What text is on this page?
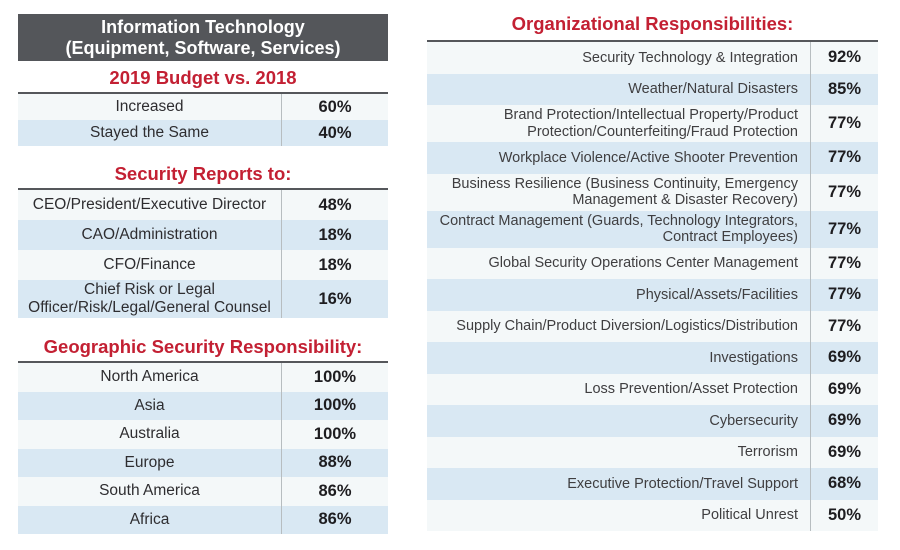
Information Technology
(Equipment, Software, Services)
2019 Budget vs. 2018
Increased	60%
Stayed the Same	40%
Security Reports to:
CEO/President/Executive Director	48%
CAO/Administration	18%
CFO/Finance	18%
Chief Risk or Legal Officer/Risk/Legal/General Counsel	16%
Geographic Security Responsibility:
North America	100%
Asia	100%
Australia	100%
Europe	88%
South America	86%
Africa	86%
Organizational Responsibilities:
Security Technology & Integration	92%
Weather/Natural Disasters	85%
Brand Protection/Intellectual Property/Product Protection/Counterfeiting/Fraud Protection	77%
Workplace Violence/Active Shooter Prevention	77%
Business Resilience (Business Continuity, Emergency Management & Disaster Recovery)	77%
Contract Management (Guards, Technology Integrators, Contract Employees)	77%
Global Security Operations Center Management	77%
Physical/Assets/Facilities	77%
Supply Chain/Product Diversion/Logistics/Distribution	77%
Investigations	69%
Loss Prevention/Asset Protection	69%
Cybersecurity	69%
Terrorism	69%
Executive Protection/Travel Support	68%
Political Unrest	50%
